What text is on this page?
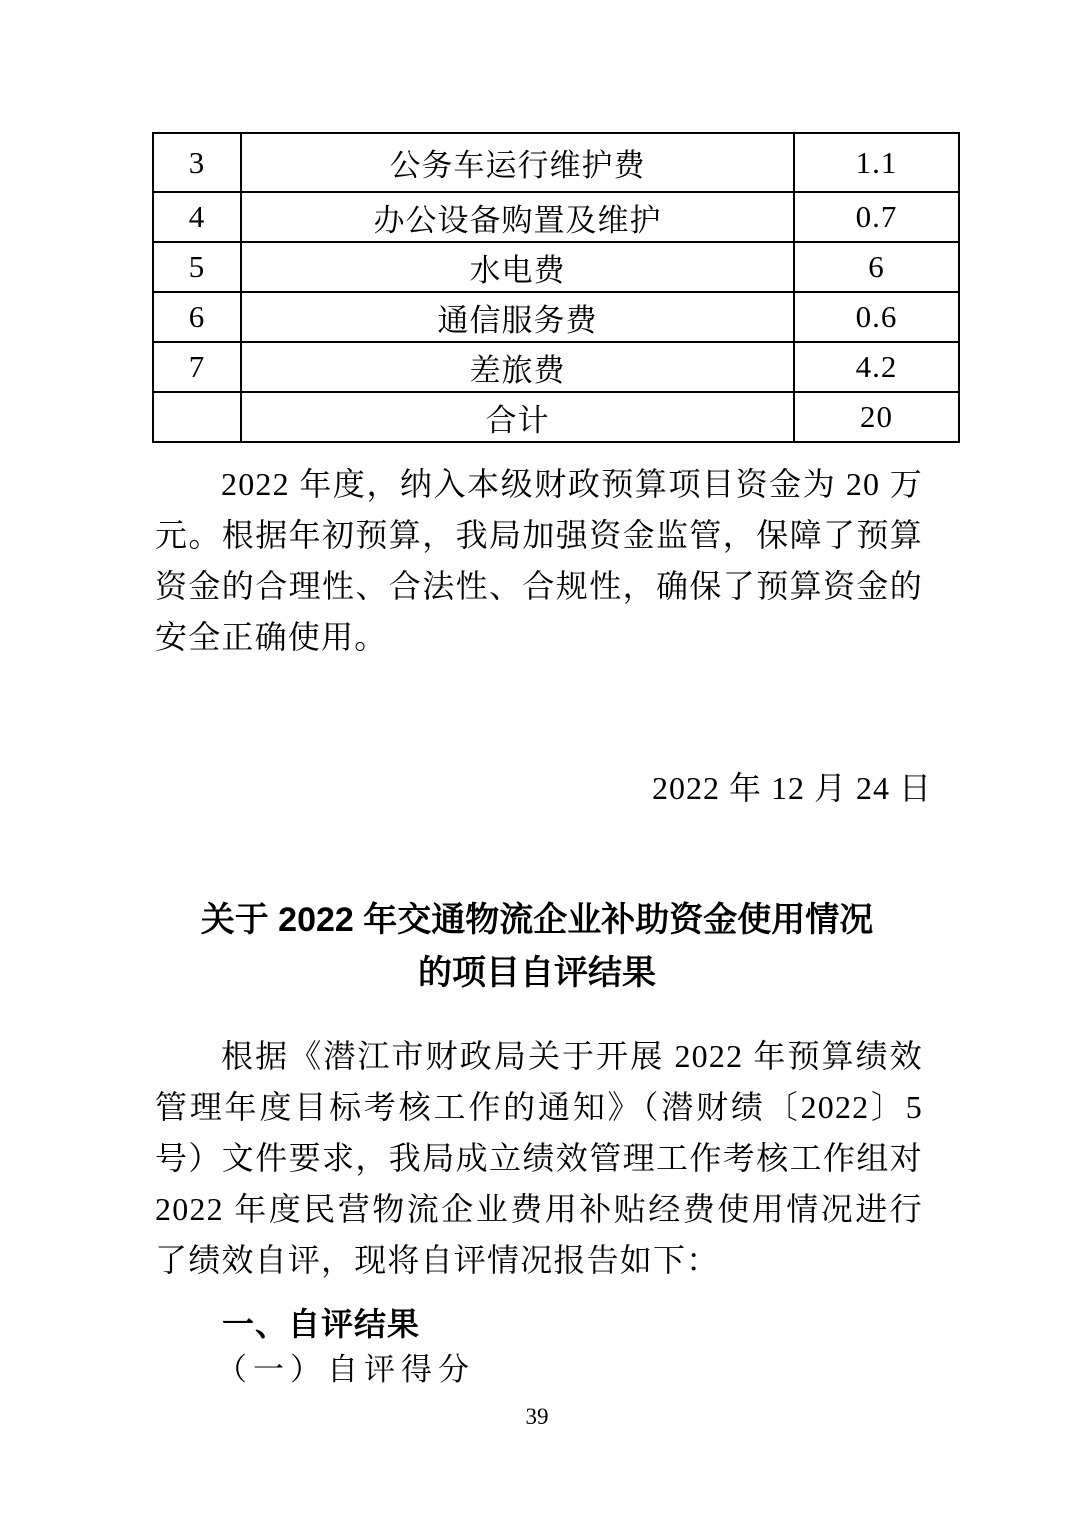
3	公务车运行维护费	1.1
4	办公设备购置及维护	0.7
5	水电费	6
6	通信服务费	0.6
7	差旅费	4.2
	合计	20

2022 年度，纳入本级财政预算项目资金为 20 万元。根据年初预算，我局加强资金监管，保障了预算资金的合理性、合法性、合规性，确保了预算资金的安全正确使用。

2022 年 12 月 24 日
关于 2022 年交通物流企业补助资金使用情况
的项目自评结果

根据《潜江市财政局关于开展 2022 年预算绩效管理年度目标考核工作的通知》（潜财绩〔2022〕5 号）文件要求，我局成立绩效管理工作考核工作组对 2022 年度民营物流企业费用补贴经费使用情况进行了绩效自评，现将自评情况报告如下：

一、自评结果
（一）自评得分
39
